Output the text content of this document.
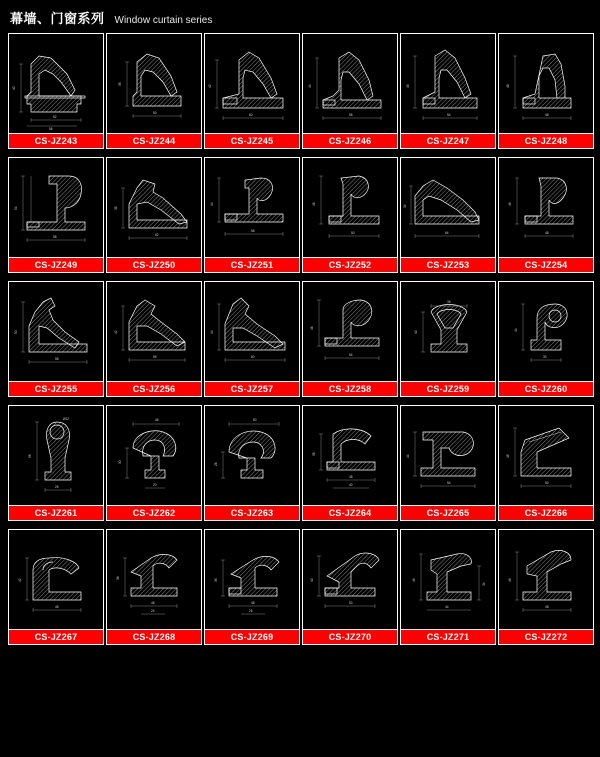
幕墙、门窗系列 Window curtain series
40
52
56
CS-JZ243
38
50
CS-JZ244
42
60
CS-JZ245
44
58
CS-JZ246
46
54
CS-JZ247
48
48
CS-JZ248
54
58
CS-JZ249
36
62
CS-JZ250
44
58
CS-JZ251
46
50
CS-JZ252
34
64
CS-JZ253
46
48
CS-JZ254
50
58
CS-JZ255
42
56
CS-JZ256
44
60
CS-JZ257
46
54
CS-JZ258
40
36
CS-JZ259
44
30
CS-JZ260
58
26
Ø12
CS-JZ261
30
46
20
CS-JZ262
26
50
CS-JZ263
36
48
40
CS-JZ264
44
54
CS-JZ265
48
50
CS-JZ266
42
48
CS-JZ267
38
46
24
CS-JZ268
36
48
26
CS-JZ269
40
50
CS-JZ270
46
34
44
CS-JZ271
48
48
CS-JZ272
